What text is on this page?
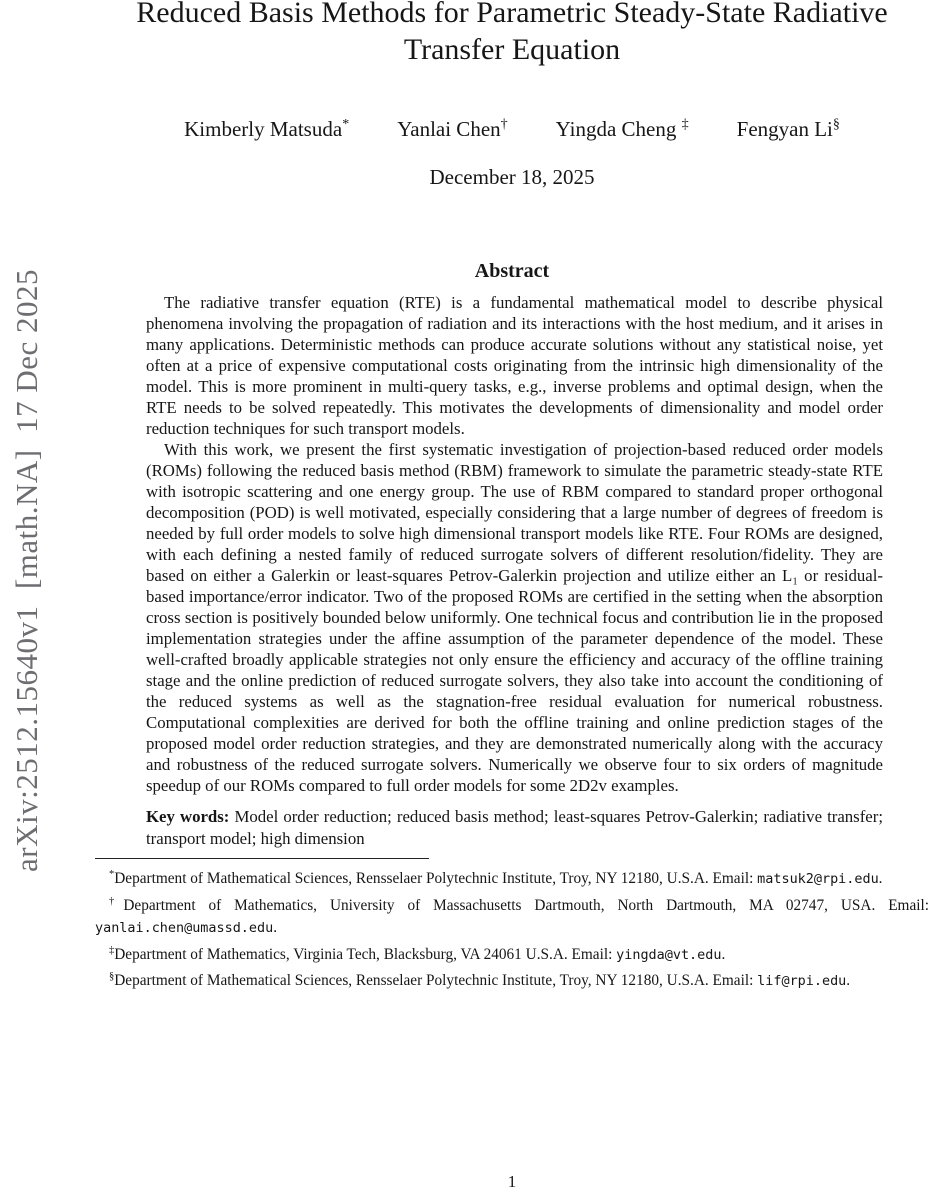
arXiv:2512.15640v1  [math.NA]  17 Dec 2025
Reduced Basis Methods for Parametric Steady-State Radiative
Transfer Equation
Kimberly Matsuda* Yanlai Chen† Yingda Cheng ‡ Fengyan Li§
December 18, 2025
Abstract

The radiative transfer equation (RTE) is a fundamental mathematical model to describe physical phenomena involving the propagation of radiation and its interactions with the host medium, and it arises in many applications. Deterministic methods can produce accurate solutions without any statistical noise, yet often at a price of expensive computational costs originating from the intrinsic high dimensionality of the model. This is more prominent in multi-query tasks, e.g., inverse problems and optimal design, when the RTE needs to be solved repeatedly. This motivates the developments of dimensionality and model order reduction techniques for such transport models.

With this work, we present the first systematic investigation of projection-based reduced order models (ROMs) following the reduced basis method (RBM) framework to simulate the parametric steady-state RTE with isotropic scattering and one energy group. The use of RBM compared to standard proper orthogonal decomposition (POD) is well motivated, especially considering that a large number of degrees of freedom is needed by full order models to solve high dimensional transport models like RTE. Four ROMs are designed, with each defining a nested family of reduced surrogate solvers of different resolution/fidelity. They are based on either a Galerkin or least-squares Petrov-Galerkin projection and utilize either an L₁ or residual-based importance/error indicator. Two of the proposed ROMs are certified in the setting when the absorption cross section is positively bounded below uniformly. One technical focus and contribution lie in the proposed implementation strategies under the affine assumption of the parameter dependence of the model. These well-crafted broadly applicable strategies not only ensure the efficiency and accuracy of the offline training stage and the online prediction of reduced surrogate solvers, they also take into account the conditioning of the reduced systems as well as the stagnation-free residual evaluation for numerical robustness. Computational complexities are derived for both the offline training and online prediction stages of the proposed model order reduction strategies, and they are demonstrated numerically along with the accuracy and robustness of the reduced surrogate solvers. Numerically we observe four to six orders of magnitude speedup of our ROMs compared to full order models for some 2D2v examples.

Key words: Model order reduction; reduced basis method; least-squares Petrov-Galerkin; radiative transfer; transport model; high dimension

*Department of Mathematical Sciences, Rensselaer Polytechnic Institute, Troy, NY 12180, U.S.A. Email: matsuk2@rpi.edu.

†Department of Mathematics, University of Massachusetts Dartmouth, North Dartmouth, MA 02747, USA. Email: yanlai.chen@umassd.edu.

‡Department of Mathematics, Virginia Tech, Blacksburg, VA 24061 U.S.A. Email: yingda@vt.edu.

§Department of Mathematical Sciences, Rensselaer Polytechnic Institute, Troy, NY 12180, U.S.A. Email: lif@rpi.edu.

1
